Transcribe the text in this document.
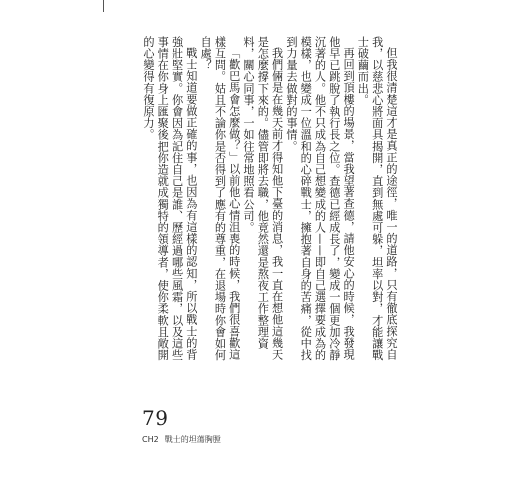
但我很清楚這才是真正的途徑，唯一的道路，只有徹底探究自我，以慈悲心將面具揭開，直到無處可躲，坦率以對，才能讓戰士破繭而出。

再回到頂樓的場景，當我望著查德，請他安心的時候，我發現他早已跳脫了執行長之位。查德已經成長了，變成一個更加冷靜沉著的人。他不只成為自己想變成的人——即自己選擇要成為的模樣，也變成一位溫和的心碎戰士，擁抱著自身的苦痛，從中找到力量去做對的事情。

我們倆是在幾天前才得知他下臺的消息，我一直在想他這幾天是怎麼撐下來的。儘管即將去職，他竟然還是熬夜工作整理資料，關心同事，一如往常地照看公司。

「歡巴馬會怎麼做？」以前他心情沮喪的時候，我們很喜歡這樣互問。姑且不論你是否得到了應有的尊重，在退場時你會如何自處？

戰士知道要做正確的事，也因為有這樣的認知，所以戰士的背強壯堅實。你會因為記住自己是誰、歷經過哪些風霜，以及這些事情在你身上匯聚後把你造就成獨特的領導者，使你柔軟且敞開的心變得有復原力。

79
CH2 戰士的坦蕩胸膛
